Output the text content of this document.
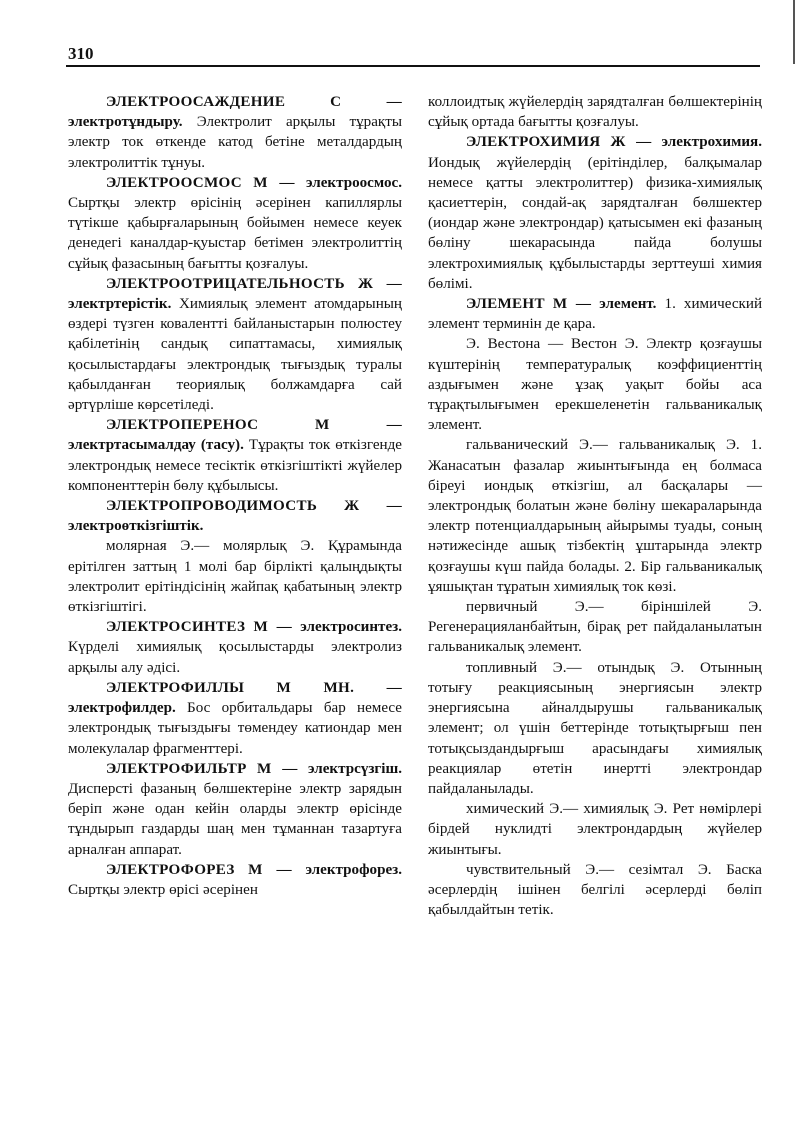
310

ЭЛЕКТРООСАЖДЕНИЕ	С — электротұндыру. Электролит арқылы тұрақты электр ток өткенде катод бетіне металдардың электролиттік тұнуы.

ЭЛЕКТРООСМОС М — электроосмос. Сыртқы электр өрісінің әсерінен капиллярлы түтікше қабырғаларының бойымен немесе кеуек денедегі каналдар-қуыстар бетімен электролиттің сұйық фазасының бағытты қозғалуы.

ЭЛЕКТРООТРИЦАТЕЛЬНОСТЬ Ж — электртерістік. Химиялық элемент атомдарының өздері түзген коваленттi байланыстарын полюстеу қабілетінің сандық сипаттамасы, химиялық қосылыстардағы электрондық тығыздық туралы қабылданған теориялық болжамдарға сай әртүрліше көрсетіледі.

ЭЛЕКТРОПЕРЕНОС	М — электртасымалдау (тасу). Тұрақты ток өткізгенде электрондық немесе тесіктік өткізгіштікті жүйелер компоненттерін бөлу құбылысы.

ЭЛЕКТРОПРОВОДИМОСТЬ Ж — электроөткізгіштік.

молярная Э.— молярлық Э. Құрамында ерітілген заттың 1 молі бар бірлікті қалыңдықты электролит ерітіндісінің жайпақ қабатының электр өткізгіштігі.

ЭЛЕКТРОСИНТЕЗ М — электросинтез. Күрделі химиялық қосылыстарды электролиз арқылы алу әдісі.

ЭЛЕКТРОФИЛЛЫ М МН. — электрофилдер. Бос орбитальдары бар немесе электрондық тығыздығы төмендеу катиондар мен молекулалар фрагменттері.

ЭЛЕКТРОФИЛЬТР М — электрсүзгіш. Дисперсті фазаның бөлшектеріне электр зарядын беріп және одан кейін оларды электр өрісінде тұндырып газдарды шаң мен тұманнан тазартуға арналған аппарат.

ЭЛЕКТРОФОРЕЗ М — электрофорез. Сыртқы электр өрісі әсерінен

коллоидтық жүйелердің зарядталған бөлшектерінің сұйық ортада бағытты қозғалуы.

ЭЛЕКТРОХИМИЯ Ж — электрохимия. Иондық жүйелердің (ерітінділер, балқымалар немесе қатты электролиттер) физика-химиялық қасиеттерін, сондай-ақ зарядталған бөлшектер (иондар және электрондар) қатысымен екі фазаның бөліну шекарасында пайда болушы электрохимиялық құбылыстарды зерттеуші химия бөлімі.

ЭЛЕМЕНТ М — элемент. 1. химический элемент терминін де қара.

Э. Вестона — Вестон Э. Электр қозғаушы күштерінің температуралық коэффициенттің аздығымен және ұзақ уақыт бойы аса тұрақтылығымен ерекшеленетін гальваникалық элемент.

гальванический Э.— гальваникалық Э. 1. Жанасатын фазалар жиынтығында ең болмаса біреуі иондық өткізгіш, ал басқалары — электрондық болатын және бөліну шекараларында электр потенциалдарының айырымы туады, соның нәтижесінде ашық тізбектің ұштарында электр қозғаушы күш пайда болады. 2. Бір гальваникалық ұяшықтан тұратын химиялық ток көзі.

первичный Э.— біріншілей Э. Регенерацияланбайтын, бірақ рет пайдаланылатын гальваникалық элемент.

топливный Э.— отындық Э. Отынның тотығу реакциясының энергиясын электр энергиясына айналдырушы гальваникалық элемент; ол үшін беттерінде тотықтырғыш пен тотықсыздандырғыш арасындағы химиялық реакциялар өтетін инертті электрондар пайдаланылады.

химический Э.— химиялық Э. Рет нөмірлері бірдей нуклидті электрондардың жүйелер жиынтығы.

чувствительный Э.— сезімтал Э. Баска әсерлердің ішінен белгілі әсерлерді бөліп қабылдайтын тетік.
